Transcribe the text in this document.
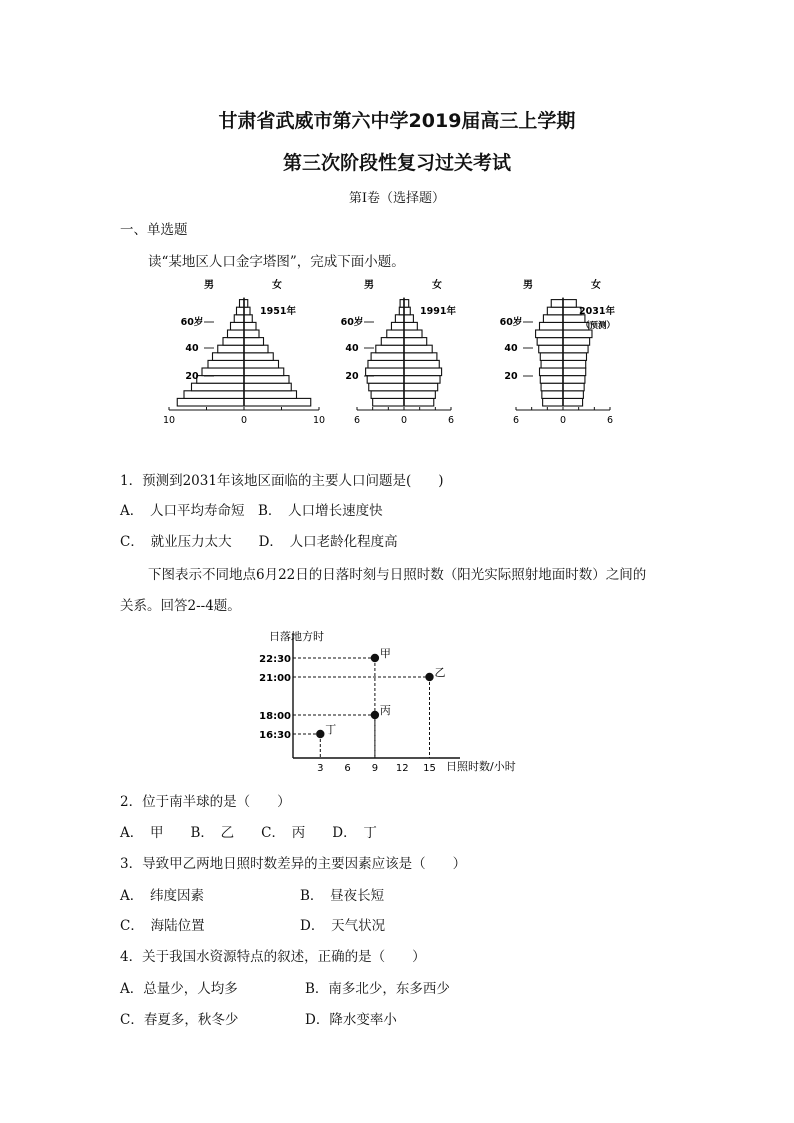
甘肃省武威市第六中学2019届高三上学期
第三次阶段性复习过关考试
第I卷（选择题）
一、单选题
读“某地区人口金字塔图”，完成下面小题。
10	0	10
男	女
1951年
60岁
40
20
6	0	6
男	女
1991年
60岁
40
20
6	0	6
男	女
2031年
（预测）
60岁
40
20
1．预测到2031年该地区面临的主要人口问题是(　　)
A．　人口平均寿命短　B．　人口增长速度快
C．　就业压力太大　　D．　人口老龄化程度高
下图表示不同地点6月22日的日落时刻与日照时数（阳光实际照射地面时数）之间的
关系。回答2--4题。
日落地方时
日照时数/小时
3 6 9 12 15
16:30
18:00
21:00
22:30	甲
乙
丙
丁
2．位于南半球的是（　　）
A．　甲　　B．　乙　　C．　丙　　D．　丁
3．导致甲乙两地日照时数差异的主要因素应该是（　　）
A．　纬度因素	B．　昼夜长短
C．　海陆位置	D．　天气状况
4．关于我国水资源特点的叙述，正确的是（　　）
A．总量少，人均多	B．南多北少，东多西少
C．春夏多，秋冬少	D．降水变率小
